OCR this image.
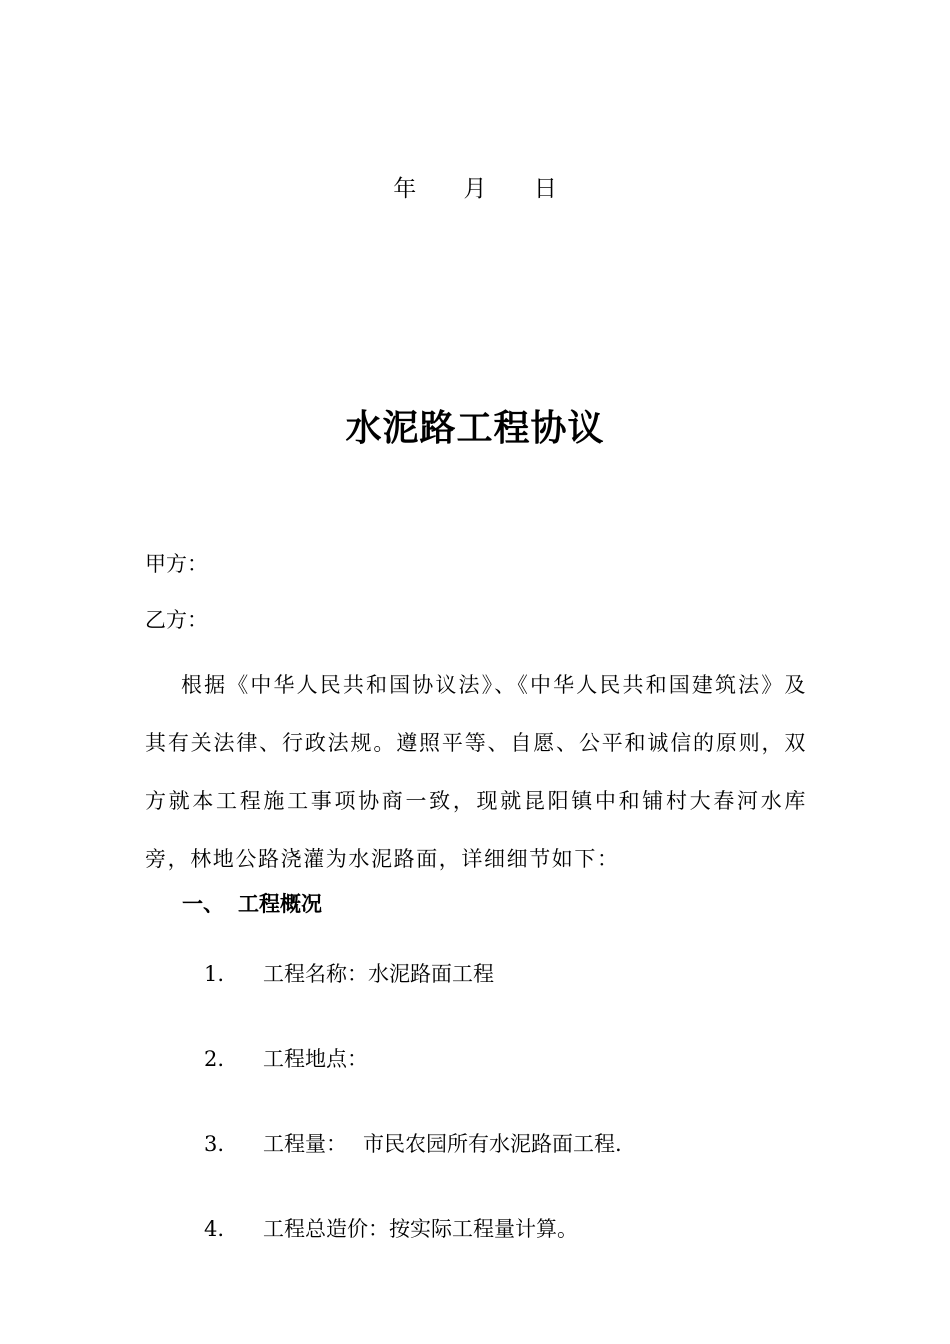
年 月 日
水泥路工程协议
甲方：
乙方：
根据《中华人民共和国协议法》、《中华人民共和国建筑法》及其有关法律、行政法规。遵照平等、自愿、公平和诚信的原则，双方就本工程施工事项协商一致，现就昆阳镇中和铺村大春河水库旁，林地公路浇灌为水泥路面，详细细节如下：
一、 工程概况
1. 工程名称：水泥路面工程
2. 工程地点：
3. 工程量： 市民农园所有水泥路面工程.
4. 工程总造价：按实际工程量计算。
